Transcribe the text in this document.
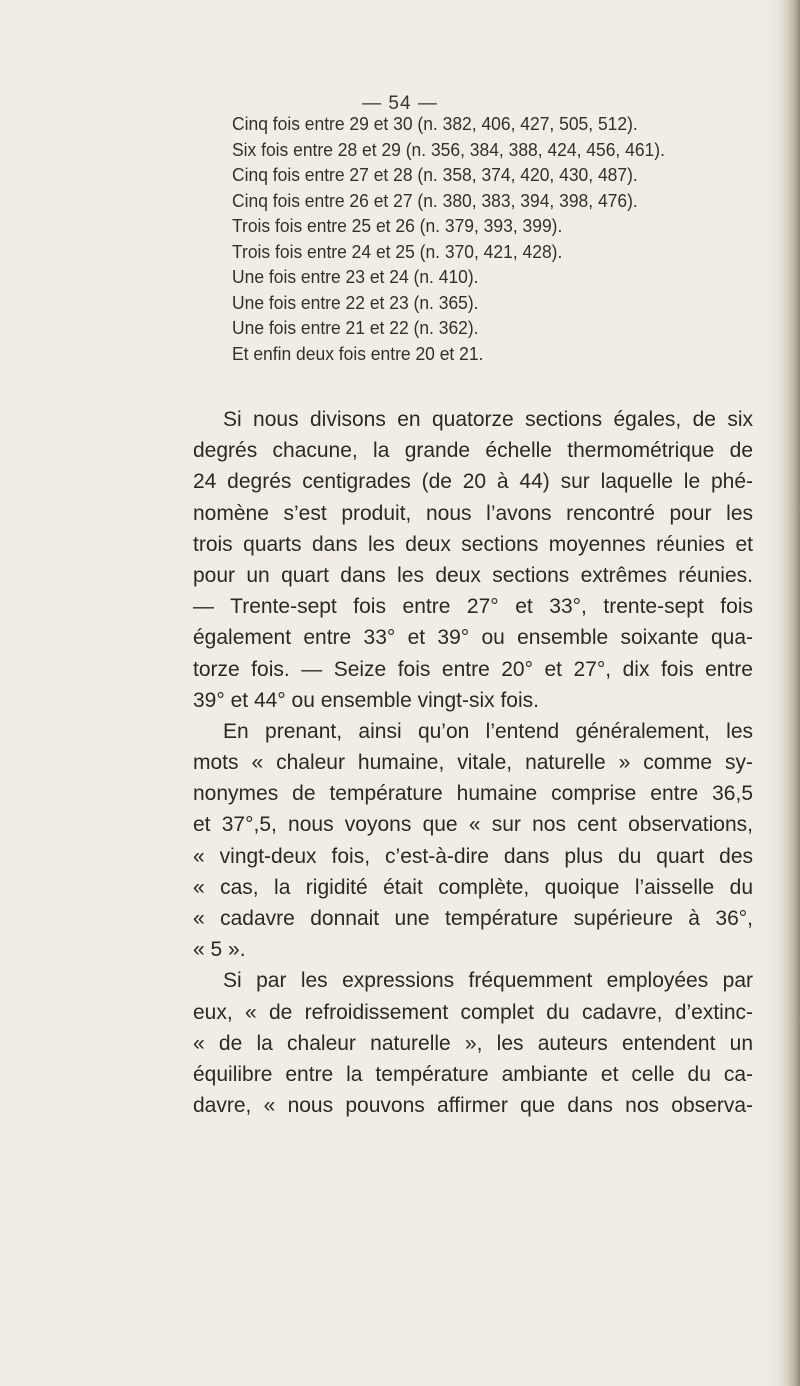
— 54 —
Cinq fois entre 29 et 30 (n. 382, 406, 427, 505, 512).
Six fois entre 28 et 29 (n. 356, 384, 388, 424, 456, 461).
Cinq fois entre 27 et 28 (n. 358, 374, 420, 430, 487).
Cinq fois entre 26 et 27 (n. 380, 383, 394, 398, 476).
Trois fois entre 25 et 26 (n. 379, 393, 399).
Trois fois entre 24 et 25 (n. 370, 421, 428).
Une fois entre 23 et 24 (n. 410).
Une fois entre 22 et 23 (n. 365).
Une fois entre 21 et 22 (n. 362).
Et enfin deux fois entre 20 et 21.
Si nous divisons en quatorze sections égales, de six
degrés chacune, la grande échelle thermométrique de
24 degrés centigrades (de 20 à 44) sur laquelle le phé-
nomène s’est produit, nous l’avons rencontré pour les
trois quarts dans les deux sections moyennes réunies et
pour un quart dans les deux sections extrêmes réunies.
— Trente-sept fois entre 27° et 33°, trente-sept fois
également entre 33° et 39° ou ensemble soixante qua-
torze fois. — Seize fois entre 20° et 27°, dix fois entre
39° et 44° ou ensemble vingt-six fois.
En prenant, ainsi qu’on l’entend généralement, les
mots « chaleur humaine, vitale, naturelle » comme sy-
nonymes de température humaine comprise entre 36,5
et 37°,5, nous voyons que « sur nos cent observations,
« vingt-deux fois, c’est-à-dire dans plus du quart des
« cas, la rigidité était complète, quoique l’aisselle du
« cadavre donnait une température supérieure à 36°,
« 5 ».
Si par les expressions fréquemment employées par
eux, « de refroidissement complet du cadavre, d’extinc-
« de la chaleur naturelle », les auteurs entendent un
équilibre entre la température ambiante et celle du ca-
davre, « nous pouvons affirmer que dans nos observa-
